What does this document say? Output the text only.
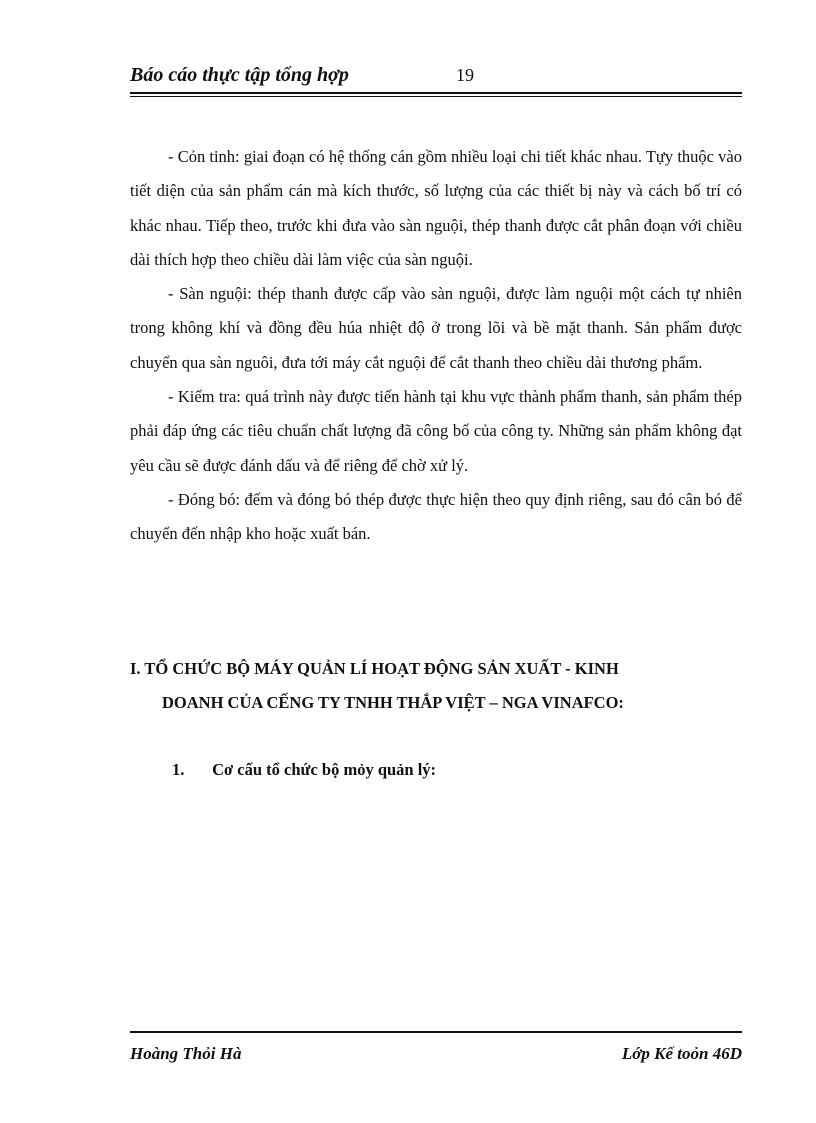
Báo cáo thực tập tổng hợp	19

- Cỏn tinh: giai đoạn có hệ thống cán gồm nhiều loại chi tiết khác nhau. Tựy thuộc vào tiết diện của sản phẩm cán mà kích thước, số lượng của các thiết bị này và cách bố trí có khác nhau. Tiếp theo, trước khi đưa vào sàn nguội, thép thanh được cắt phân đoạn với chiều dài thích hợp theo chiều dài làm việc của sàn nguội.

- Sàn nguội: thép thanh được cấp vào sàn nguội, được làm nguội một cách tự nhiên trong không khí và đồng đều húa nhiệt độ ở trong lõi và bề mặt thanh. Sản phẩm được chuyển qua sàn nguôi, đưa tới máy cắt nguội để cắt thanh theo chiều dài thương phẩm.

- Kiểm tra: quá trình này được tiến hành tại khu vực thành phẩm thanh, sản phẩm thép phải đáp ứng các tiêu chuẩn chất lượng đã công bố của công ty. Những sản phẩm không đạt yêu cầu sẽ được đánh dấu và để riêng để chờ xử lý.

- Đóng bó: đếm và đóng bó thép được thực hiện theo quy định riêng, sau đó cân bó để chuyển đến nhập kho hoặc xuất bán.

I. TỔ CHỨC BỘ MÁY QUẢN LÍ HOẠT ĐỘNG SẢN XUẤT - KINH
DOANH CỦA CẾNG TY TNHH THẮP VIỆT – NGA VINAFCO:
1. Cơ cấu tổ chức bộ mỏy quản lý:
Hoàng Thỏi Hà	Lớp Kế toỏn 46D
